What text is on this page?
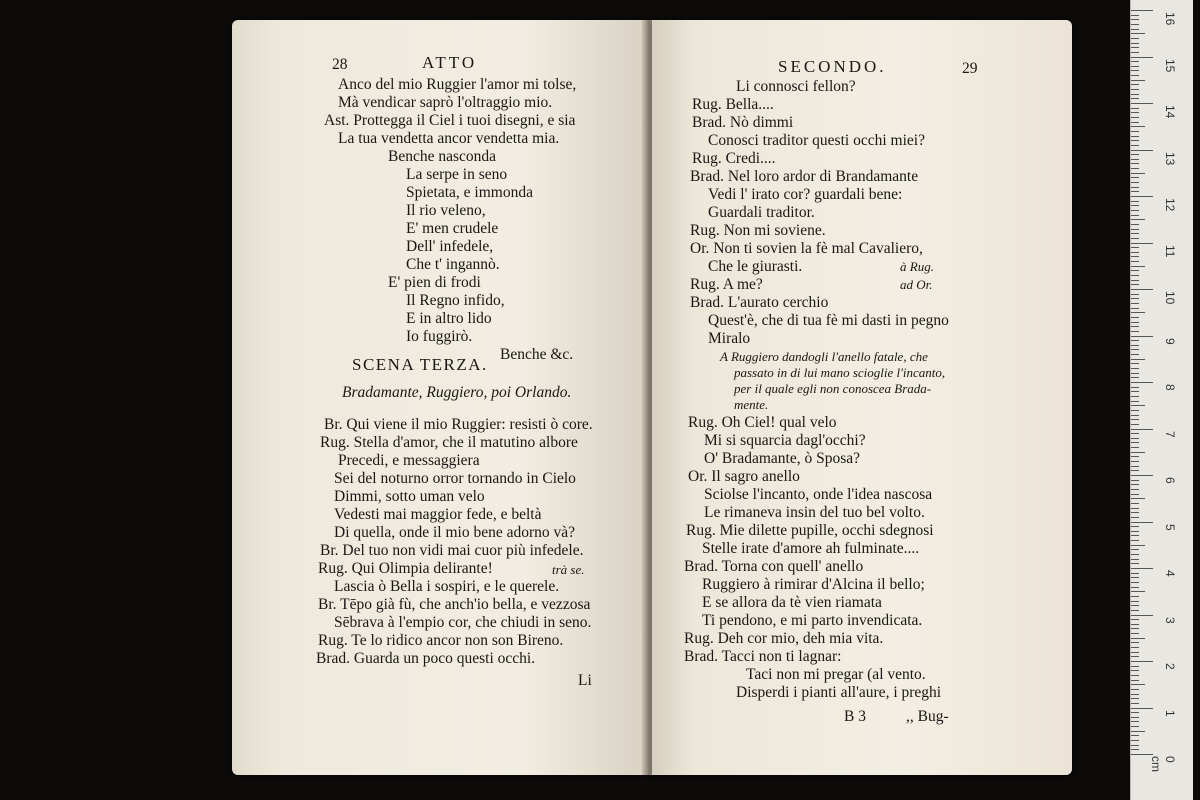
28	ATTO
Anco del mio Ruggier l'amor mi tolse,
Mà vendicar saprò l'oltraggio mio.
Ast. Protteggа il Ciel i tuoi disegni, e sia
La tua vendetta ancor vendetta mia.
Benche nasconda
La serpe in seno
Spietata, e immonda
Il rio veleno,
E' men crudele
Dell' infedele,
Che t' ingannò.
E' pien di frodi
Il Regno infido,
E in altro lido
Io fuggirò.
Benche &c.
SCENA TERZA.
Bradamante, Ruggiero, poi Orlando.
Br. Qui viene il mio Ruggier: resisti ò core.
Rug. Stella d'amor, che il matutino albore
Precedi, e messaggiera
Sei del noturno orror tornando in Cielo
Dimmi, sotto uman velo
Vedesti mai maggior fede, e beltà
Di quella, onde il mio bene adorno và?
Br. Del tuo non vidi mai cuor più infedele.
Rug. Qui Olimpia delirante!	trà se.
Lascia ò Bella i sospiri, e le querele.
Br. Tēpo già fù, che anch'io bella, e vezzosa
Sēbrava à l'empio cor, che chiudi in seno.
Rug. Te lo ridico ancor non son Bireno.
Brad. Guarda un poco questi occhi.
Li
SECONDO.	29
Li connosci fellon?
Rug. Bella....
Brad. Nò dimmi
Conosci traditor questi occhi miei?
Rug. Credi....
Brad. Nel loro ardor di Brandamante
Vedi l' irato cor? guardali bene:
Guardali traditor.
Rug. Non mi soviene.
Or. Non ti sovien la fè mal Cavaliero,
Che le giurasti.	à Rug.
Rug. A me?	ad Or.
Brad. L'aurato cerchio
Quest'è, che di tua fè mi dasti in pegno
Miralo
A Ruggiero dandogli l'anello fatale, che
passato in di lui mano scioglie l'incanto,
per il quale egli non conoscea Brada-
mente.
Rug. Oh Ciel! qual velo
Mi si squarcia dagl'occhi?
O' Bradamante, ò Sposa?
Or. Il sagro anello
Sciolse l'incanto, onde l'idea nascosa
Le rimaneva insin del tuo bel volto.
Rug. Mie dilette pupille, occhi sdegnosi
Stelle irate d'amore ah fulminate....
Brad. Torna con quell' anello
Ruggiero à rimirar d'Alcina il bello;
E se allora da tè vien riamata
Ti pendono, e mi parto invendicata.
Rug. Deh cor mio, deh mia vita.
Brad. Tacci non ti lagnar:
Taci non mi pregar (al vento.
Disperdi i pianti all'aure, i preghi
B 3	,, Bug-
16
15
14
13
12
11
10
9
8
7
6
5
4
3
2
1
0 cm
